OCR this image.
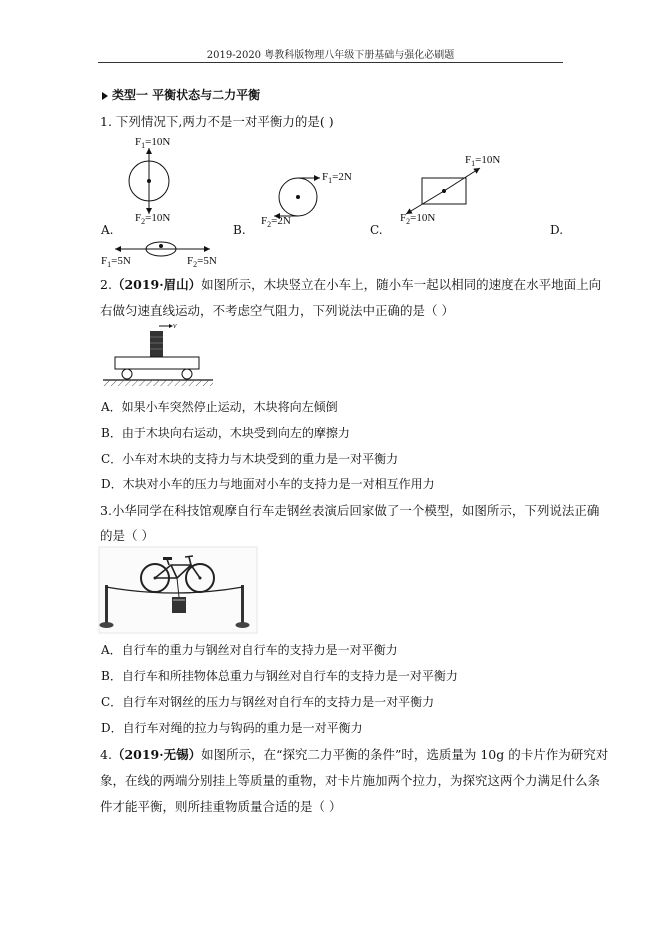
2019-2020 粤教科版物理八年级下册基础与强化必刷题
类型一 平衡状态与二力平衡
1. 下列情况下,两力不是一对平衡力的是( )
$F_1=10N$
$F_2=10N$
A.
$F_1=2N$
$F_2=2N$
B.
$F_1=10N$
$F_2=10N$
C.	D.
$F_1=5N$	$F_2=5N$
2.（2019·眉山）如图所示，木块竖立在小车上，随小车一起以相同的速度在水平地面上向
右做匀速直线运动，不考虑空气阻力，下列说法中正确的是（ ）
v
A．如果小车突然停止运动，木块将向左倾倒
B．由于木块向右运动，木块受到向左的摩擦力
C．小车对木块的支持力与木块受到的重力是一对平衡力
D．木块对小车的压力与地面对小车的支持力是一对相互作用力
3.小华同学在科技馆观摩自行车走钢丝表演后回家做了一个模型，如图所示，下列说法正确
的是（ ）
A．自行车的重力与钢丝对自行车的支持力是一对平衡力
B．自行车和所挂物体总重力与钢丝对自行车的支持力是一对平衡力
C．自行车对钢丝的压力与钢丝对自行车的支持力是一对平衡力
D．自行车对绳的拉力与钩码的重力是一对平衡力
4.（2019·无锡）如图所示，在“探究二力平衡的条件”时，选质量为 10g 的卡片作为研究对
象，在线的两端分别挂上等质量的重物，对卡片施加两个拉力，为探究这两个力满足什么条
件才能平衡，则所挂重物质量合适的是（ ）
